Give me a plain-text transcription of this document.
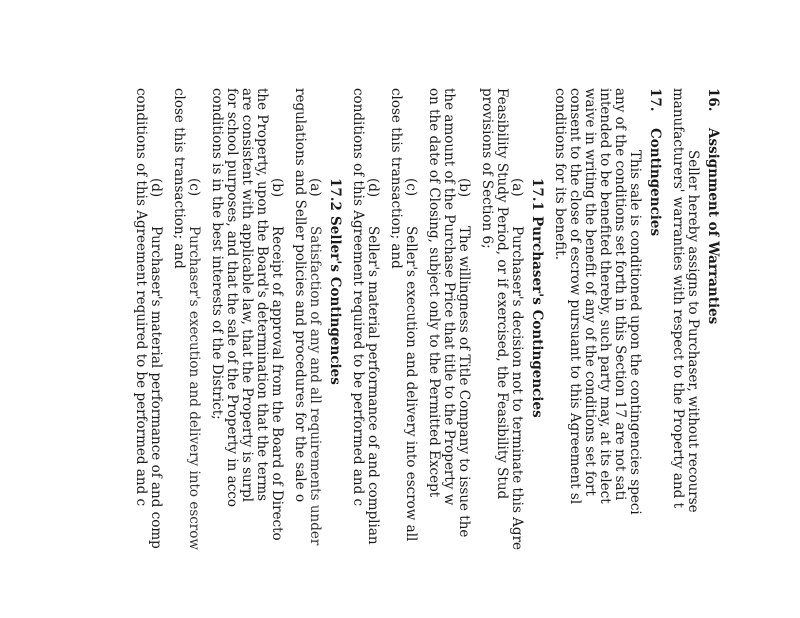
16.Assignment of Warranties
Seller hereby assigns to Purchaser, without recourse
manufacturers' warranties with respect to the Property and t
17.Contingencies
This sale is conditioned upon the contingencies speci
any of the conditions set forth in this Section 17 are not sati
intended to be benefited thereby, such party may, at its elect
waive in writing the benefit of any of the conditions set fort
consent to the close of escrow pursuant to this Agreement sl
conditions for its benefit.
17.1Purchaser's Contingencies
(a)Purchaser's decision not to terminate this Agre
Feasibility Study Period, or if exercised, the Feasibility Stud
provisions of Section 6;
(b)The willingness of Title Company to issue the
the amount of the Purchase Price that title to the Property w
on the date of Closing, subject only to the Permitted Except
(c)Seller's execution and delivery into escrow all
close this transaction; and
(d)Seller's material performance of and complian
conditions of this Agreement required to be performed and c
17.2Seller's Contingencies
(a)Satisfaction of any and all requirements under
regulations and Seller policies and procedures for the sale o
(b)Receipt of approval from the Board of Directo
the Property, upon the Board's determination that the terms
are consistent with applicable law, that the Property is surpl
for school purposes, and that the sale of the Property in acco
conditions is in the best interests of the District;
(c)Purchaser's execution and delivery into escrow
close this transaction; and
(d)Purchaser's material performance of and comp
conditions of this Agreement required to be performed and c
